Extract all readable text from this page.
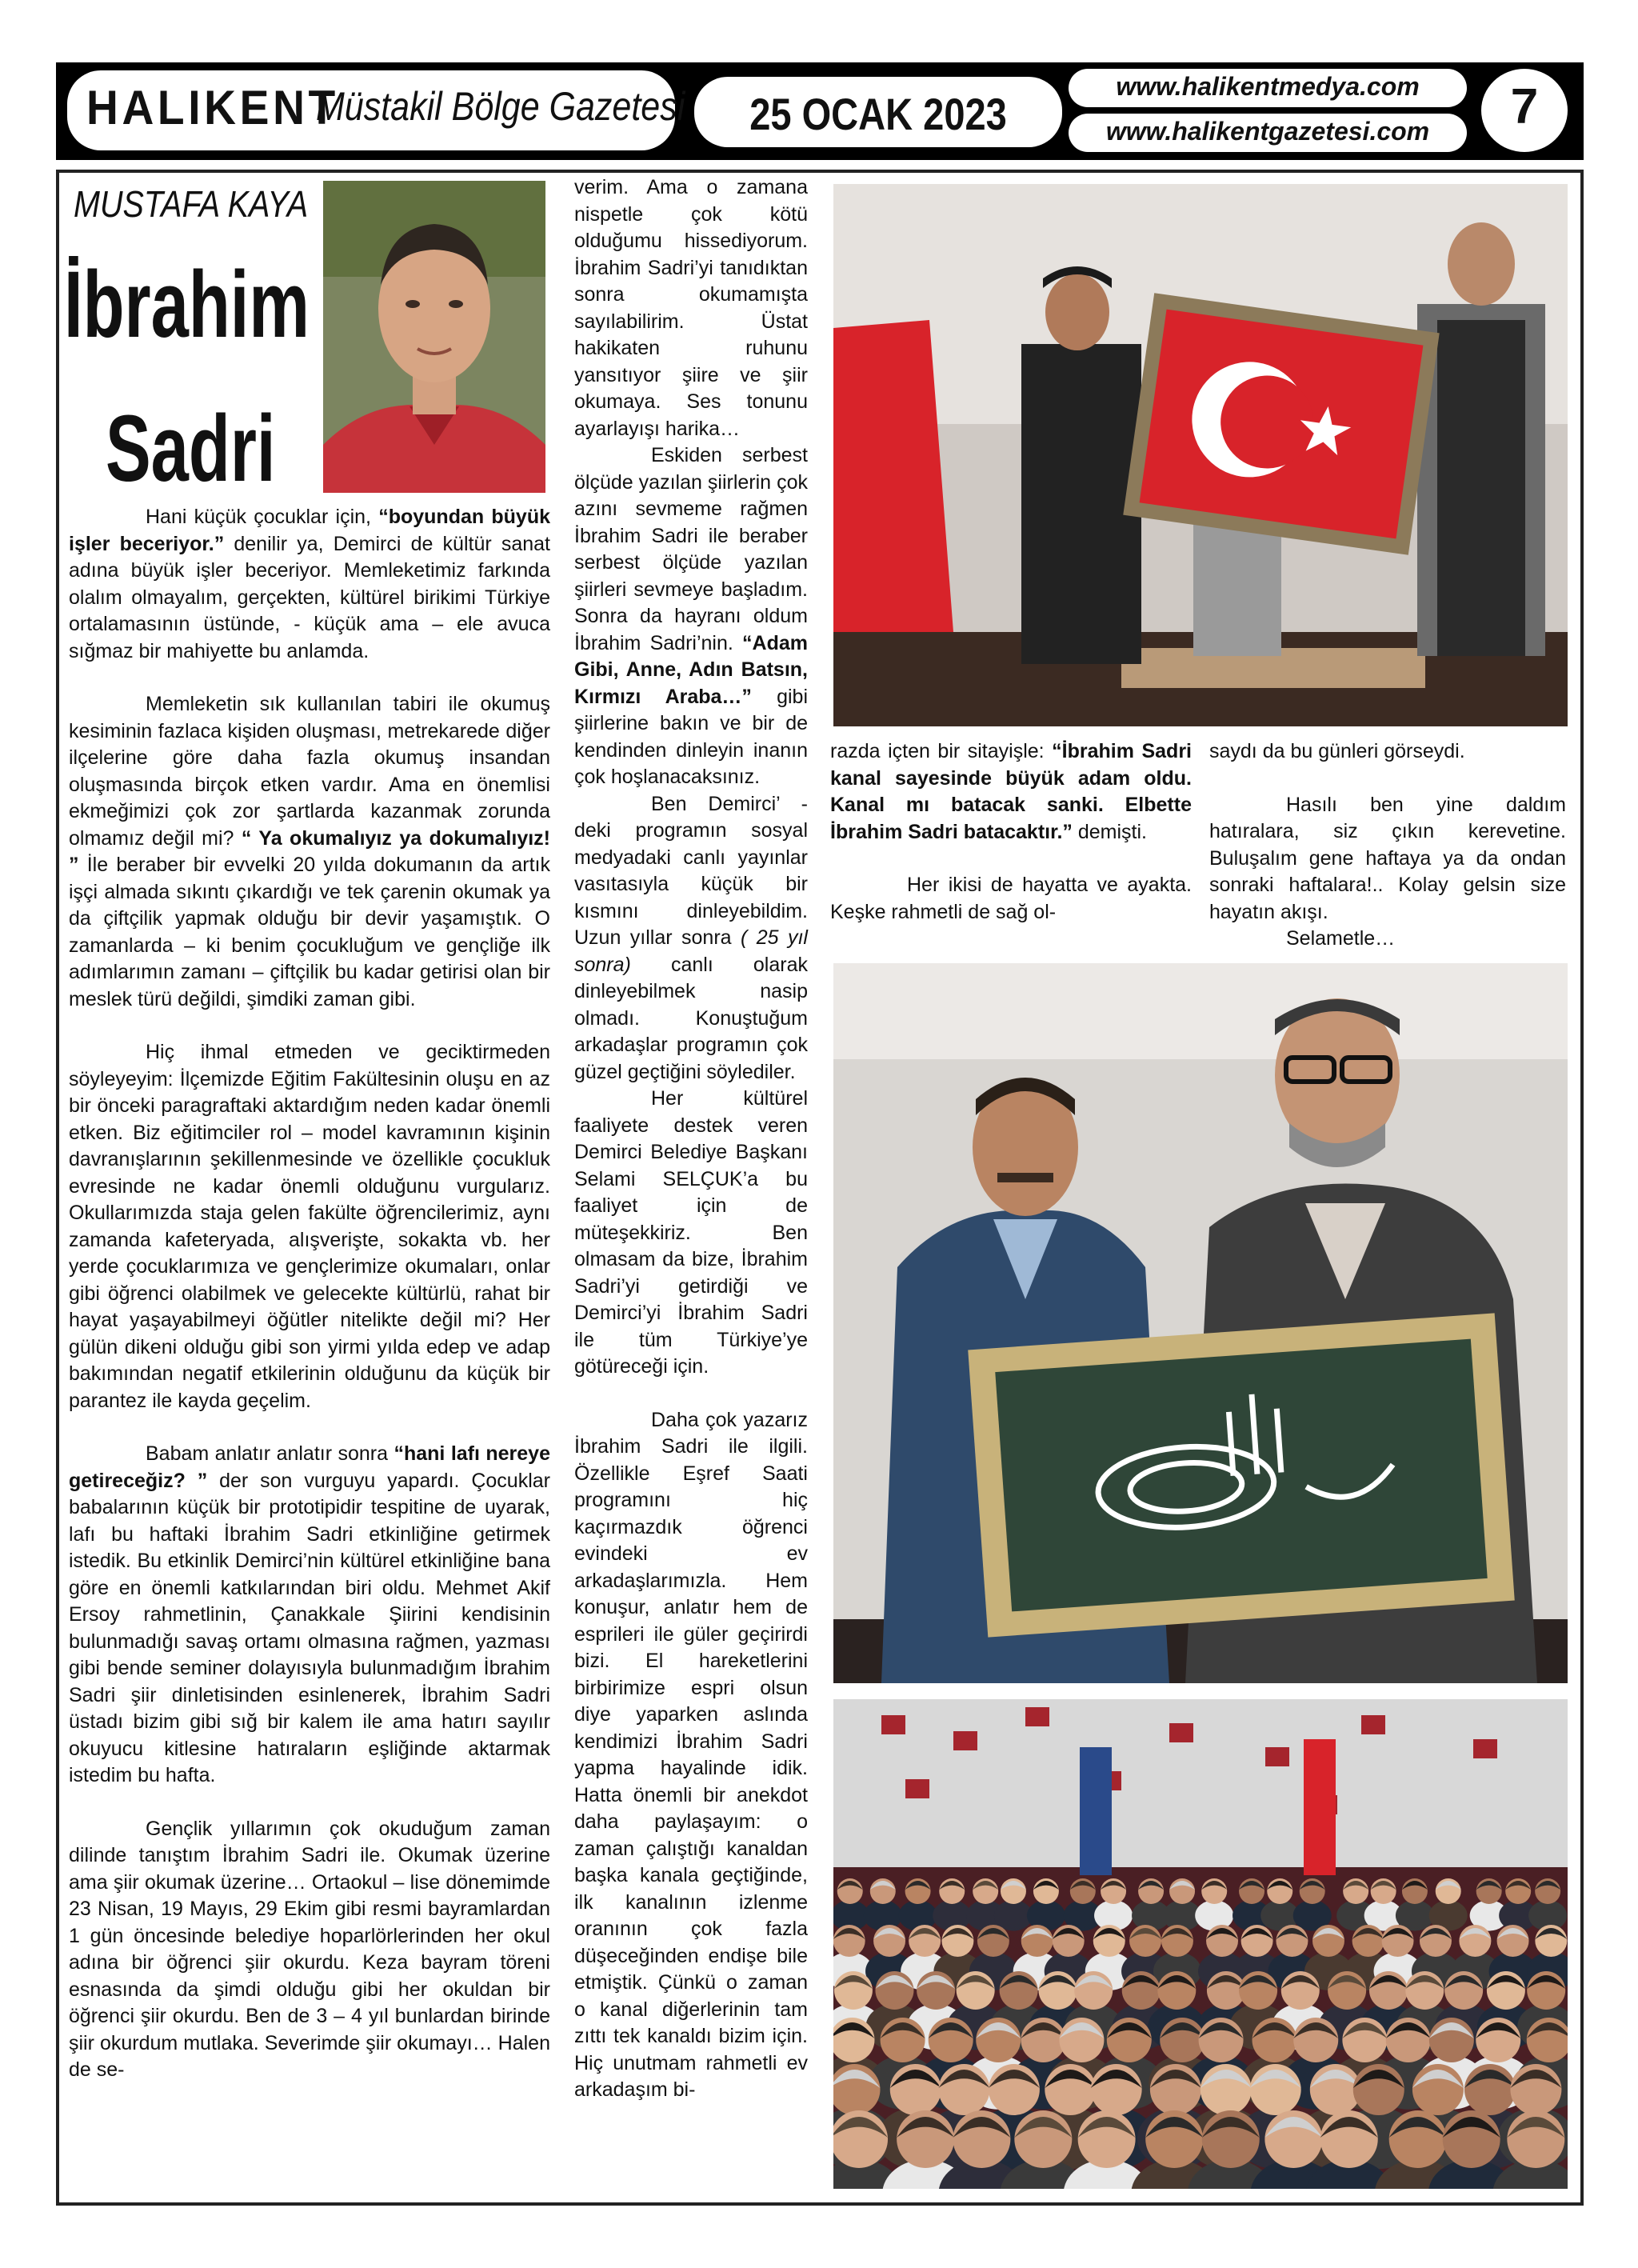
HALIKENT
Müstakil Bölge Gazetesi	25 OCAK 2023
www.halikentmedya.com
www.halikentgazetesi.com	7
MUSTAFA KAYA
İbrahim
Sadri

Hani küçük çocuklar için, “boyundan büyük işler beceriyor.” denilir ya, Demirci de kültür sanat adına büyük işler beceriyor. Memleketimiz farkında olalım olmayalım, gerçekten, kültürel birikimi Türkiye ortalamasının üstünde, - küçük ama – ele avuca sığmaz bir mahiyette bu anlamda.

Memleketin sık kullanılan tabiri ile okumuş kesiminin fazlaca kişiden oluşması, metrekarede diğer ilçelerine göre daha fazla okumuş insandan oluşmasında birçok etken vardır. Ama en önemlisi ekmeğimizi çok zor şartlarda kazanmak zorunda olmamız değil mi? “ Ya okumalıyız ya dokumalıyız! ” İle beraber bir evvelki 20 yılda dokumanın da artık işçi almada sıkıntı çıkardığı ve tek çarenin okumak ya da çiftçilik yapmak olduğu bir devir yaşamıştık. O zamanlarda – ki benim çocukluğum ve gençliğe ilk adımlarımın zamanı – çiftçilik bu kadar getirisi olan bir meslek türü değildi, şimdiki zaman gibi.

Hiç ihmal etmeden ve geciktirmeden söyleyeyim: İlçemizde Eğitim Fakültesinin oluşu en az bir önceki paragraftaki aktardığım neden kadar önemli etken. Biz eğitimciler rol – model kavramının kişinin davranışlarının şekillenmesinde ve özellikle çocukluk evresinde ne kadar önemli olduğunu vurgularız. Okullarımızda staja gelen fakülte öğrencilerimiz, aynı zamanda kafeteryada, alışverişte, sokakta vb. her yerde çocuklarımıza ve gençlerimize okumaları, onlar gibi öğrenci olabilmek ve gelecekte kültürlü, rahat bir hayat yaşayabilmeyi öğütler nitelikte değil mi? Her gülün dikeni olduğu gibi son yirmi yılda edep ve adap bakımından negatif etkilerinin olduğunu da küçük bir parantez ile kayda geçelim.

Babam anlatır anlatır sonra “hani lafı nereye getireceğiz? ” der son vurguyu yapardı. Çocuklar babalarının küçük bir prototipidir tespitine de uyarak, lafı bu haftaki İbrahim Sadri etkinliğine getirmek istedik. Bu etkinlik Demirci’nin kültürel etkinliğine bana göre en önemli katkılarından biri oldu. Mehmet Akif Ersoy rahmetlinin, Çanakkale Şiirini kendisinin bulunmadığı savaş ortamı olmasına rağmen, yazması gibi bende seminer dolayısıyla bulunmadığım İbrahim Sadri şiir dinletisinden esinlenerek, İbrahim Sadri üstadı bizim gibi sığ bir kalem ile ama hatırı sayılır okuyucu kitlesine hatıraların eşliğinde aktarmak istedim bu hafta.

Gençlik yıllarımın çok okuduğum zaman dilinde tanıştım İbrahim Sadri ile. Okumak üzerine ama şiir okumak üzerine… Ortaokul – lise dönemimde 23 Nisan, 19 Mayıs, 29 Ekim gibi resmi bayramlardan 1 gün öncesinde belediye hoparlörlerinden her okul adına bir öğrenci şiir okurdu. Keza bayram töreni esnasında da şimdi olduğu gibi her okuldan bir öğrenci şiir okurdu. Ben de 3 – 4 yıl bunlardan birinde şiir okurdum mutlaka. Severimde şiir okumayı… Halen de se-

verim. Ama o zamana nispetle çok kötü olduğumu hissediyorum. İbrahim Sadri’yi tanıdıktan sonra okumamışta sayılabilirim. Üstat hakikaten ruhunu yansıtıyor şiire ve şiir okumaya. Ses tonunu ayarlayışı harika…

Eskiden serbest ölçüde yazılan şiirlerin çok azını sevmeme rağmen İbrahim Sadri ile beraber serbest ölçüde yazılan şiirleri sevmeye başladım. Sonra da hayranı oldum İbrahim Sadri’nin. “Adam Gibi, Anne, Adın Batsın, Kırmızı Araba…” gibi şiirlerine bakın ve bir de kendinden dinleyin inanın çok hoşlanacaksınız.

Ben Demirci’ - deki programın sosyal medyadaki canlı yayınlar vasıtasıyla küçük bir kısmını dinleyebildim. Uzun yıllar sonra ( 25 yıl sonra) canlı olarak dinleyebilmek nasip olmadı. Konuştuğum arkadaşlar programın çok güzel geçtiğini söylediler.

Her kültürel faaliyete destek veren Demirci Belediye Başkanı Selami SELÇUK’a bu faaliyet için de müteşekkiriz. Ben olmasam da bize, İbrahim Sadri’yi getirdiği ve Demirci’yi İbrahim Sadri ile tüm Türkiye’ye götüreceği için.

Daha çok yazarız İbrahim Sadri ile ilgili. Özellikle Eşref Saati programını hiç kaçırmazdık öğrenci evindeki ev arkadaşlarımızla. Hem konuşur, anlatır hem de esprileri ile güler geçirirdi bizi. El hareketlerini birbirimize espri olsun diye yaparken aslında kendimizi İbrahim Sadri yapma hayalinde idik. Hatta önemli bir anekdot daha paylaşayım: o zaman çalıştığı kanaldan başka kanala geçtiğinde, ilk kanalının izlenme oranının çok fazla düşeceğinden endişe bile etmiştik. Çünkü o zaman o kanal diğerlerinin tam zıttı tek kanaldı bizim için. Hiç unutmam rahmetli ev arkadaşım bi-

razda içten bir sitayişle: “İbrahim Sadri kanal sayesinde büyük adam oldu. Kanal mı batacak sanki. Elbette İbrahim Sadri batacaktır.” demişti.

Her ikisi de hayatta ve ayakta. Keşke rahmetli de sağ ol-

saydı da bu günleri görseydi.

Hasılı ben yine daldım hatıralara, siz çıkın kerevetine. Buluşalım gene haftaya ya da ondan sonraki haftalara!.. Kolay gelsin size hayatın akışı.

Selametle…
